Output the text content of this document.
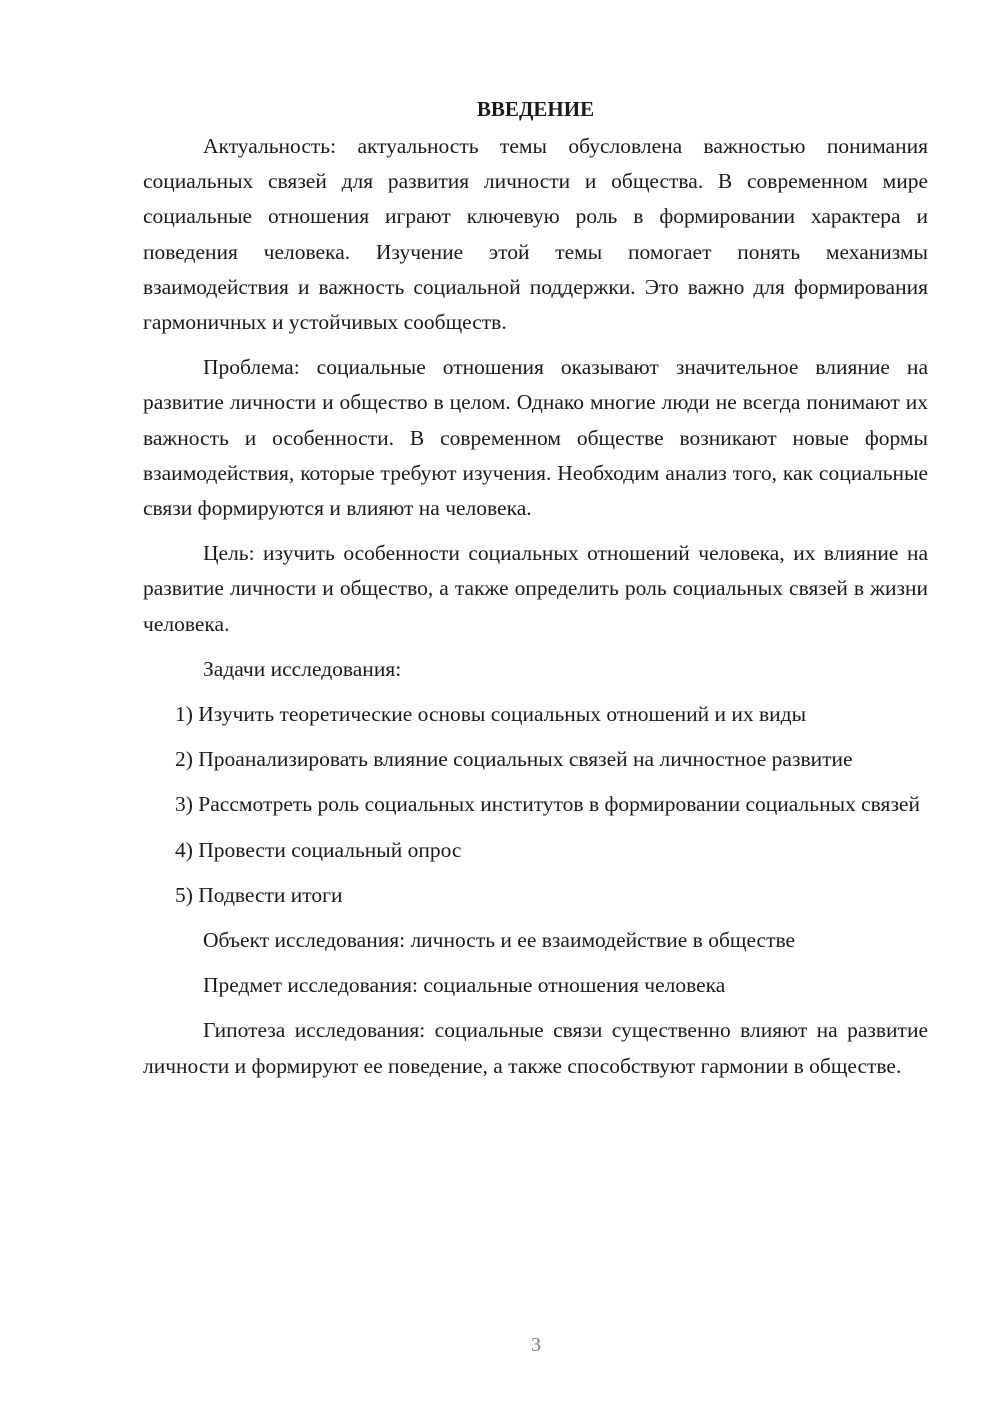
ВВЕДЕНИЕ

Актуальность: актуальность темы обусловлена важностью понимания социальных связей для развития личности и общества. В современном мире социальные отношения играют ключевую роль в формировании характера и поведения человека. Изучение этой темы помогает понять механизмы взаимодействия и важность социальной поддержки. Это важно для формирования гармоничных и устойчивых сообществ.

Проблема: социальные отношения оказывают значительное влияние на развитие личности и общество в целом. Однако многие люди не всегда понимают их важность и особенности. В современном обществе возникают новые формы взаимодействия, которые требуют изучения. Необходим анализ того, как социальные связи формируются и влияют на человека.

Цель: изучить особенности социальных отношений человека, их влияние на развитие личности и общество, а также определить роль социальных связей в жизни человека.

Задачи исследования:

1) Изучить теоретические основы социальных отношений и их виды

2) Проанализировать влияние социальных связей на личностное развитие

3) Рассмотреть роль социальных институтов в формировании социальных связей

4) Провести социальный опрос

5) Подвести итоги

Объект исследования: личность и ее взаимодействие в обществе

Предмет исследования: социальные отношения человека

Гипотеза исследования: социальные связи существенно влияют на развитие личности и формируют ее поведение, а также способствуют гармонии в обществе.

3
